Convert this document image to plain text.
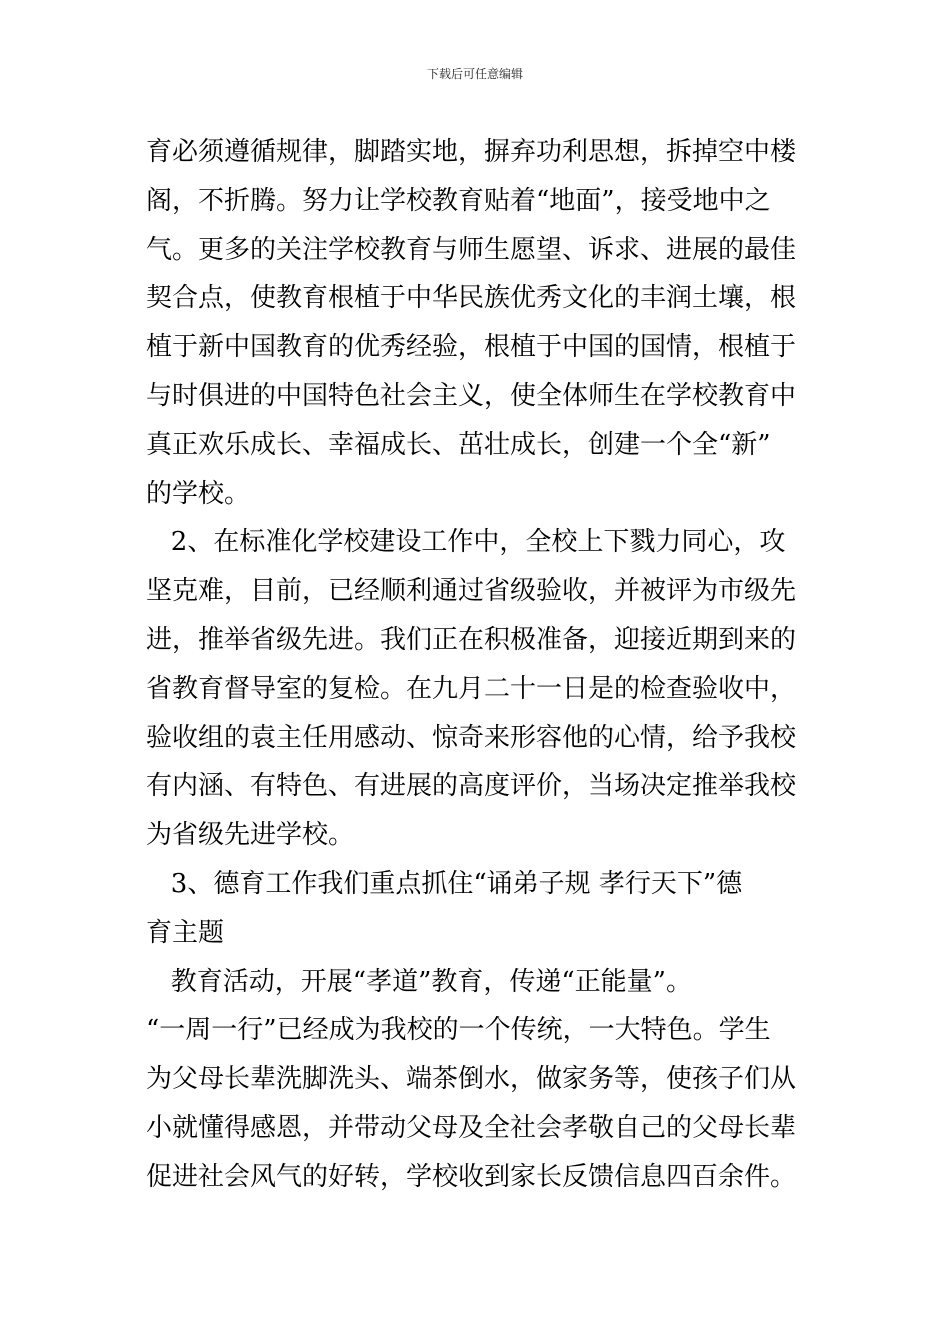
下载后可任意编辑
育必须遵循规律，脚踏实地，摒弃功利思想，拆掉空中楼
阁，不折腾。努力让学校教育贴着“地面”，接受地中之
气。更多的关注学校教育与师生愿望、诉求、进展的最佳
契合点，使教育根植于中华民族优秀文化的丰润土壤，根
植于新中国教育的优秀经验，根植于中国的国情，根植于
与时俱进的中国特色社会主义，使全体师生在学校教育中
真正欢乐成长、幸福成长、茁壮成长，创建一个全“新”
的学校。
2、在标准化学校建设工作中，全校上下戮力同心，攻
坚克难，目前，已经顺利通过省级验收，并被评为市级先
进，推举省级先进。我们正在积极准备，迎接近期到来的
省教育督导室的复检。在九月二十一日是的检查验收中，
验收组的袁主任用感动、惊奇来形容他的心情，给予我校
有内涵、有特色、有进展的高度评价，当场决定推举我校
为省级先进学校。
3、德育工作我们重点抓住“诵弟子规 孝行天下”德
育主题
教育活动，开展“孝道”教育，传递“正能量”。
“一周一行”已经成为我校的一个传统，一大特色。学生
为父母长辈洗脚洗头、端茶倒水，做家务等，使孩子们从
小就懂得感恩，并带动父母及全社会孝敬自己的父母长辈
促进社会风气的好转，学校收到家长反馈信息四百余件。
